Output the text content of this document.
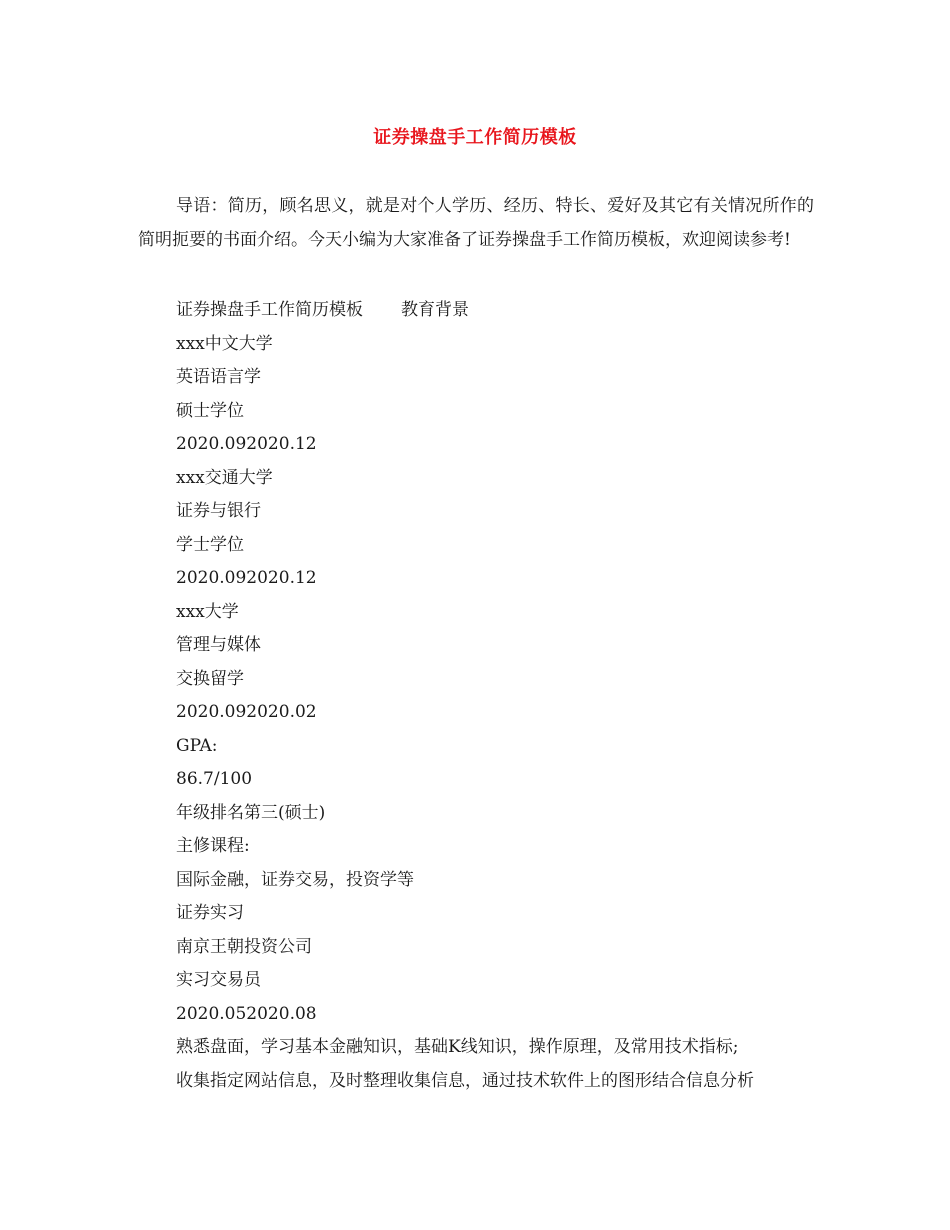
证券操盘手工作简历模板

导语：简历，顾名思义，就是对个人学历、经历、特长、爱好及其它有关情况所作的简明扼要的书面介绍。今天小编为大家准备了证券操盘手工作简历模板，欢迎阅读参考!

证券操盘手工作简历模板 教育背景
xxx中文大学
英语语言学
硕士学位
2020.092020.12
xxx交通大学
证券与银行
学士学位
2020.092020.12
xxx大学
管理与媒体
交换留学
2020.092020.02
GPA:
86.7/100
年级排名第三(硕士)
主修课程:
国际金融，证券交易，投资学等
证券实习
南京王朝投资公司
实习交易员
2020.052020.08
熟悉盘面，学习基本金融知识，基础K线知识，操作原理，及常用技术指标;
收集指定网站信息，及时整理收集信息，通过技术软件上的图形结合信息分析
